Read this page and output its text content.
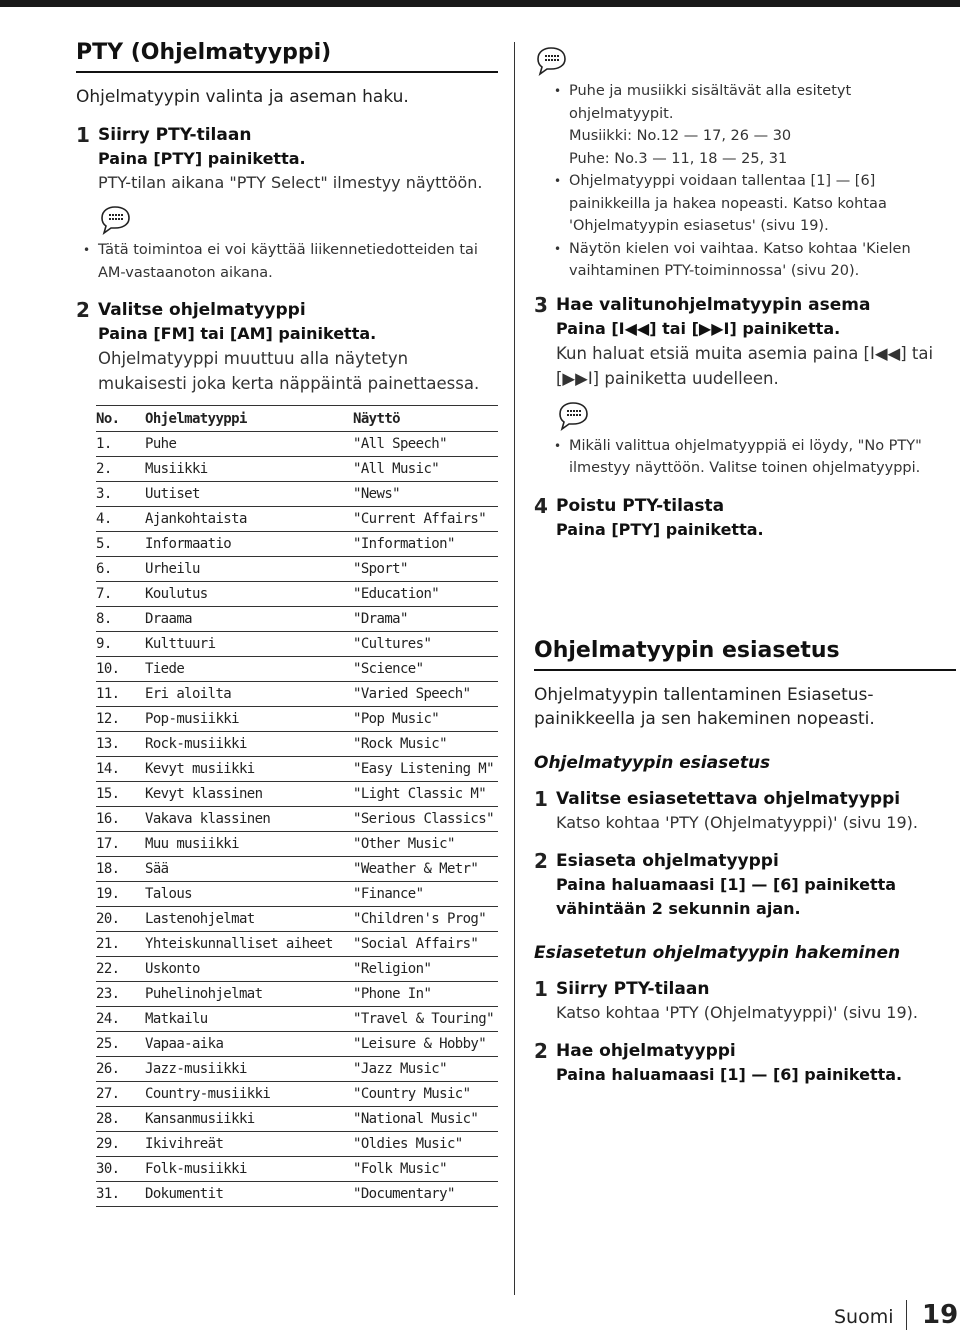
PTY (Ohjelmatyyppi)
Ohjelmatyypin valinta ja aseman haku.
1 Siirry PTY-tilaan
Paina [PTY] painiketta.
PTY-tilan aikana "PTY Select" ilmestyy näyttöön.
• Tätä toimintoa ei voi käyttää liikennetiedotteiden tai AM-vastaanoton aikana.
2 Valitse ohjelmatyyppi
Paina [FM] tai [AM] painiketta.
Ohjelmatyyppi muuttuu alla näytetyn mukaisesti joka kerta näppäintä painettaessa.
No.	Ohjelmatyyppi	Näyttö
1.	Puhe	"All Speech"
2.	Musiikki	"All Music"
3.	Uutiset	"News"
4.	Ajankohtaista	"Current Affairs"
5.	Informaatio	"Information"
6.	Urheilu	"Sport"
7.	Koulutus	"Education"
8.	Draama	"Drama"
9.	Kulttuuri	"Cultures"
10.	Tiede	"Science"
11.	Eri aloilta	"Varied Speech"
12.	Pop-musiikki	"Pop Music"
13.	Rock-musiikki	"Rock Music"
14.	Kevyt musiikki	"Easy Listening M"
15.	Kevyt klassinen	"Light Classic M"
16.	Vakava klassinen	"Serious Classics"
17.	Muu musiikki	"Other Music"
18.	Sää	"Weather & Metr"
19.	Talous	"Finance"
20.	Lastenohjelmat	"Children's Prog"
21.	Yhteiskunnalliset aiheet	"Social Affairs"
22.	Uskonto	"Religion"
23.	Puhelinohjelmat	"Phone In"
24.	Matkailu	"Travel & Touring"
25.	Vapaa-aika	"Leisure & Hobby"
26.	Jazz-musiikki	"Jazz Music"
27.	Country-musiikki	"Country Music"
28.	Kansanmusiikki	"National Music"
29.	Ikivihreät	"Oldies Music"
30.	Folk-musiikki	"Folk Music"
31.	Dokumentit	"Documentary"
• Puhe ja musiikki sisältävät alla esitetyt ohjelmatyypit.
Musiikki: No.12 — 17, 26 — 30
Puhe: No.3 — 11, 18 — 25, 31
• Ohjelmatyyppi voidaan tallentaa [1] — [6] painikkeilla ja hakea nopeasti. Katso kohtaa 'Ohjelmatyypin esiasetus' (sivu 19).
• Näytön kielen voi vaihtaa. Katso kohtaa 'Kielen vaihtaminen PTY-toiminnossa' (sivu 20).
3 Hae valitunohjelmatyypin asema
Paina [I◀◀] tai [▶▶I] painiketta.
Kun haluat etsiä muita asemia paina [I◀◀] tai [▶▶I] painiketta uudelleen.
• Mikäli valittua ohjelmatyyppiä ei löydy, "No PTY" ilmestyy näyttöön. Valitse toinen ohjelmatyyppi.
4 Poistu PTY-tilasta
Paina [PTY] painiketta.
Ohjelmatyypin esiasetus
Ohjelmatyypin tallentaminen Esiasetus-painikkeella ja sen hakeminen nopeasti.
Ohjelmatyypin esiasetus
1 Valitse esiasetettava ohjelmatyyppi
Katso kohtaa 'PTY (Ohjelmatyyppi)' (sivu 19).
2 Esiaseta ohjelmatyyppi
Paina haluamaasi [1] — [6] painiketta vähintään 2 sekunnin ajan.
Esiasetetun ohjelmatyypin hakeminen
1 Siirry PTY-tilaan
Katso kohtaa 'PTY (Ohjelmatyyppi)' (sivu 19).
2 Hae ohjelmatyyppi
Paina haluamaasi [1] — [6] painiketta.
Suomi 19
